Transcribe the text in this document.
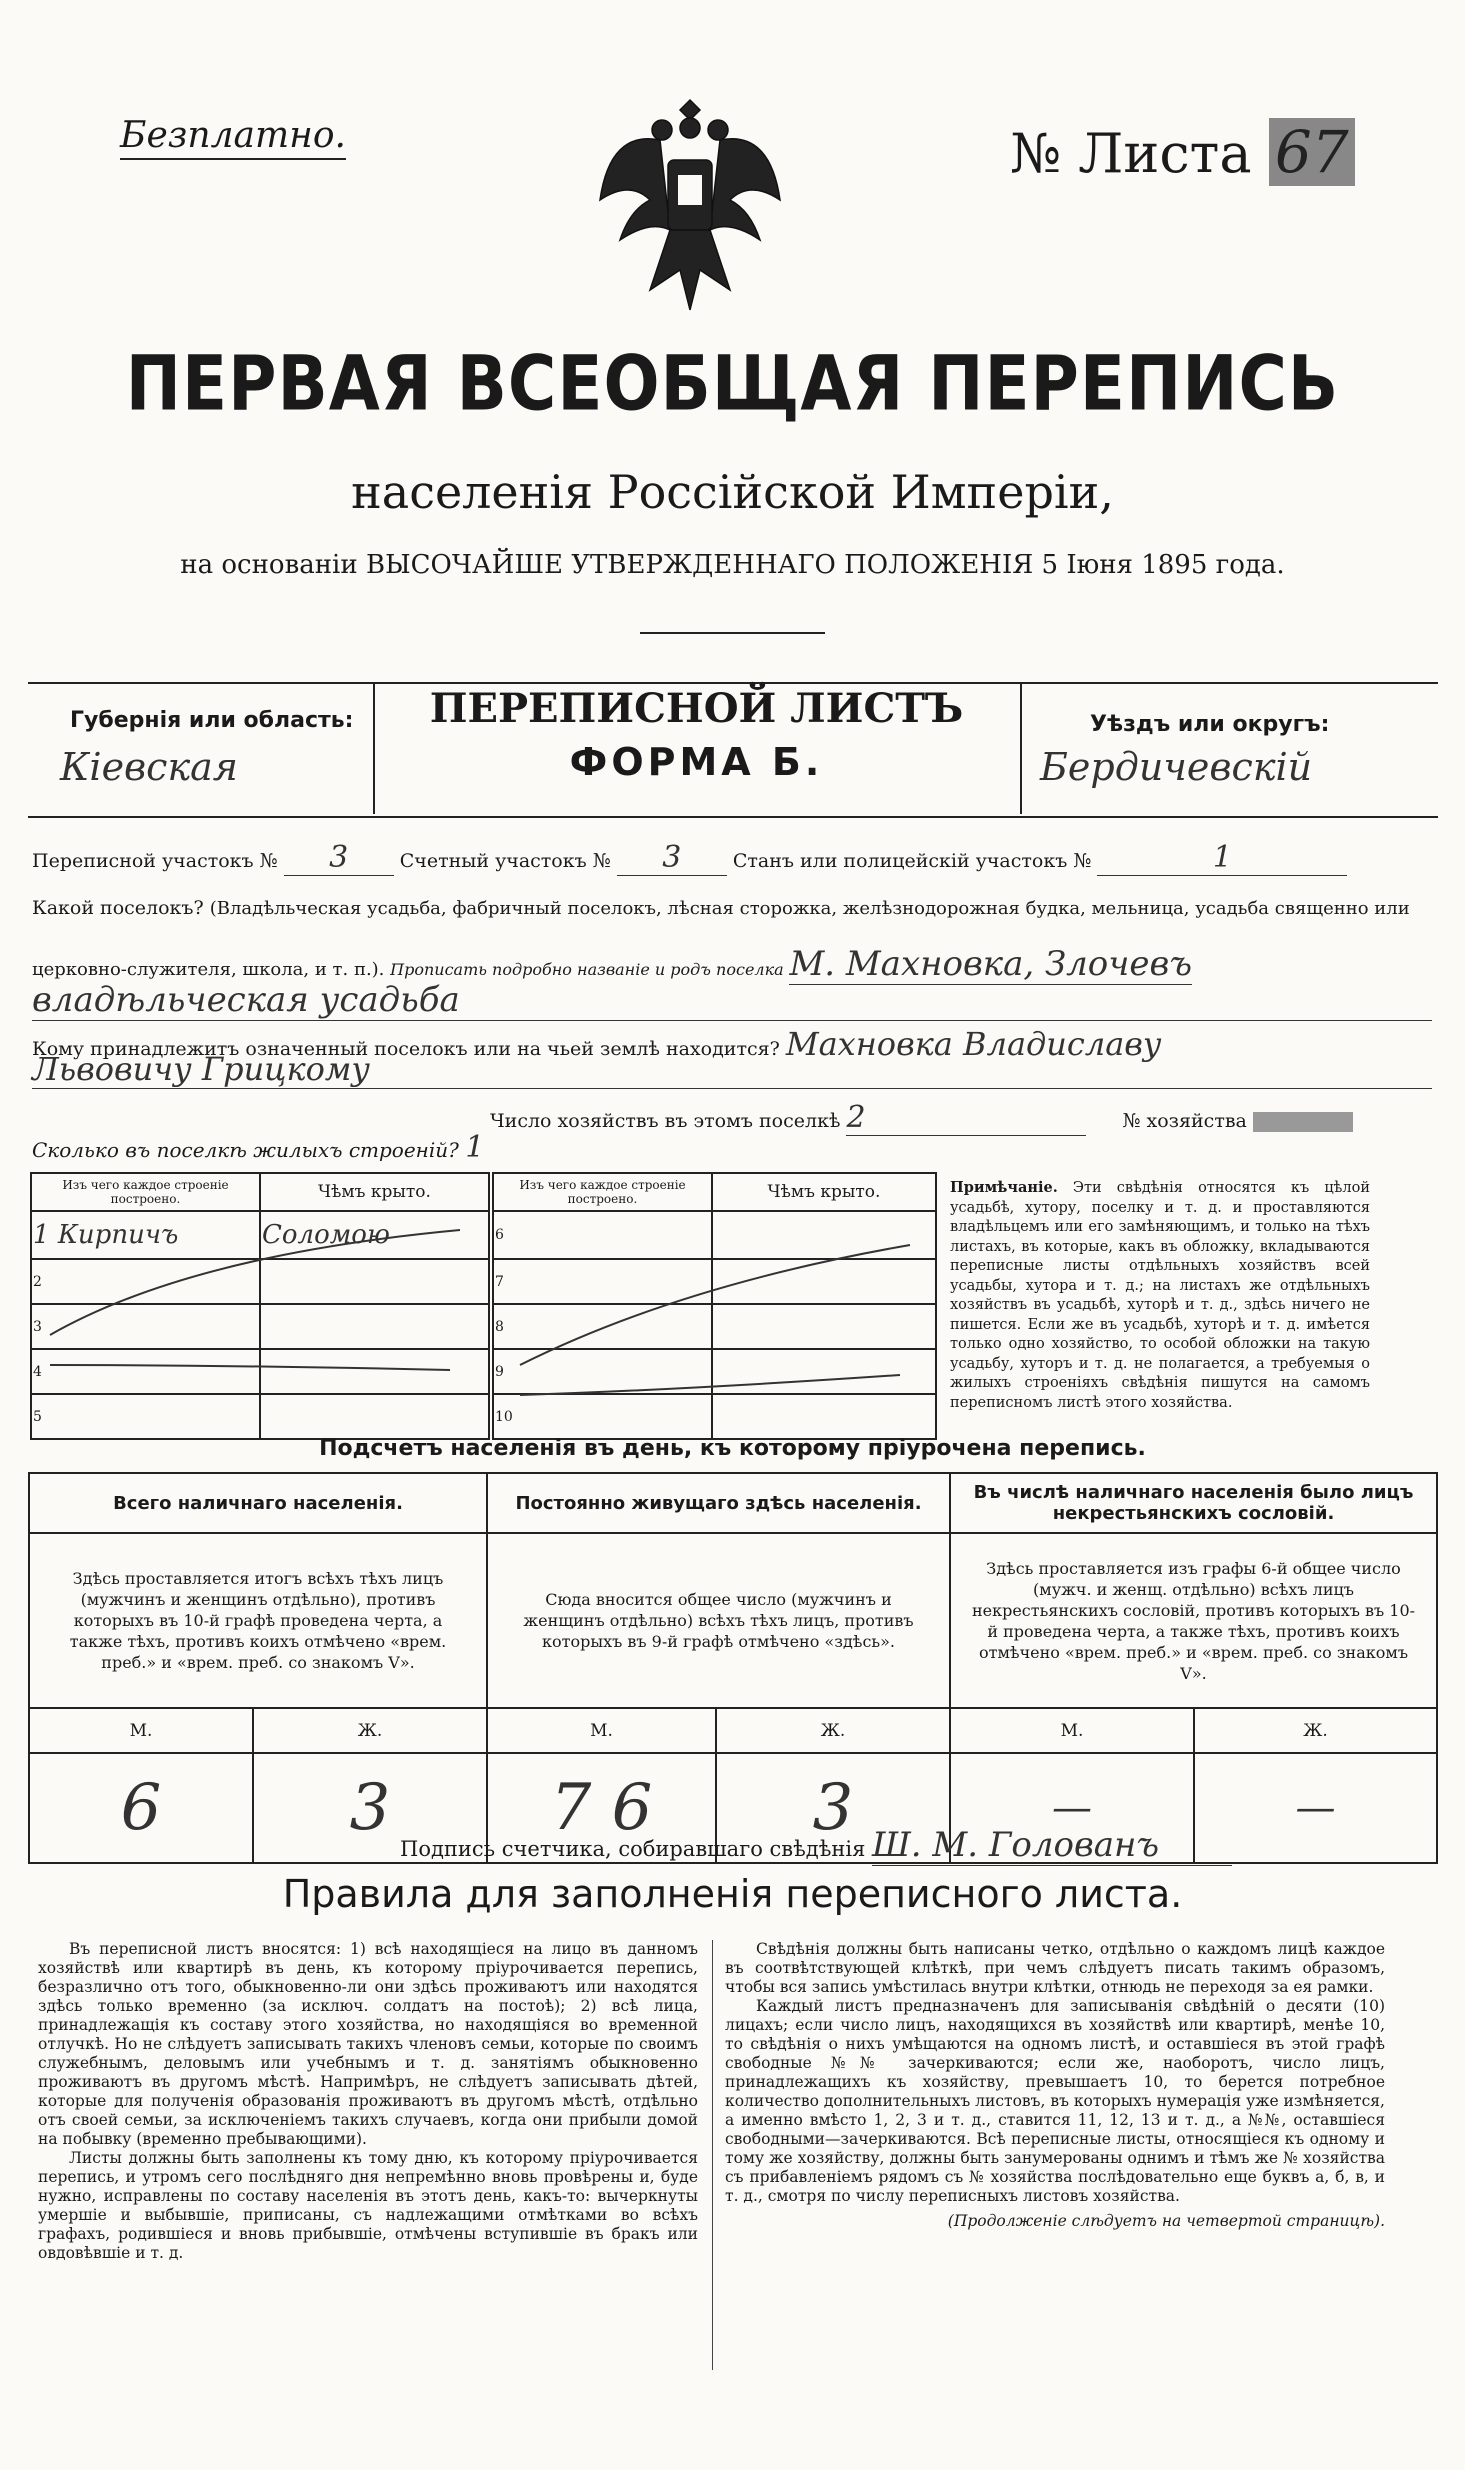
Безплатно.	№ Листа 67
ПЕРВАЯ ВСЕОБЩАЯ ПЕРЕПИСЬ
населенія Россійской Имперіи,
на основаніи ВЫСОЧАЙШЕ УТВЕРЖДЕННАГО ПОЛОЖЕНІЯ 5 Іюня 1895 года.
Губернія или область:
Кіевская
ПЕРЕПИСНОЙ ЛИСТЪ
ФОРМА Б.
Уѣздъ или округъ:
Бердичевскій
Переписной участокъ № 3	Счетный участокъ № 3	Станъ или полицейскій участокъ №	1
Какой поселокъ? (Владѣльческая усадьба, фабричный поселокъ, лѣсная сторожка, желѣзнодорожная будка, мельница, усадьба священно или
церковно-служителя, школа, и т. п.). Прописать подробно названіе и родъ поселка М. Махновка, Злочевъ
владѣльческая усадьба
Кому принадлежитъ означенный поселокъ или на чьей землѣ находится? Махновка Владиславу
Львовичу Грицкому
Число хозяйствъ въ этомъ поселкѣ 2	№ хозяйства
Сколько въ поселкѣ жилыхъ строеній? 1
Изъ чего каждое строеніе построено.	Чѣмъ крыто.
1 Кирпичъ	Соломою
2	
3	
4	
5	
Изъ чего каждое строеніе построено.	Чѣмъ крыто.
6	
7	
8	
9	
10	
Примѣчаніе. Эти свѣдѣнія относятся къ цѣлой усадьбѣ, хутору, поселку и т. д. и проставляются владѣльцемъ или его замѣняющимъ, и только на тѣхъ листахъ, въ которые, какъ въ обложку, вкладываются переписные листы отдѣльныхъ хозяйствъ всей усадьбы, хутора и т. д.; на листахъ же отдѣльныхъ хозяйствъ въ усадьбѣ, хуторѣ и т. д., здѣсь ничего не пишется. Если же въ усадьбѣ, хуторѣ и т. д. имѣется только одно хозяйство, то особой обложки на такую усадьбу, хуторъ и т. д. не полагается, а требуемыя о жилыхъ строеніяхъ свѣдѣнія пишутся на самомъ переписномъ листѣ этого хозяйства.
Подсчетъ населенія въ день, къ которому пріурочена перепись.
Всего наличнаго населенія.		Постоянно живущаго здѣсь населенія.		Въ числѣ наличнаго населенія было лицъ некрестьянскихъ сословій.	
Здѣсь проставляется итогъ всѣхъ тѣхъ лицъ (мужчинъ и женщинъ отдѣльно), противъ которыхъ въ 10-й графѣ проведена черта, а также тѣхъ, противъ коихъ отмѣчено «врем. преб.» и «врем. преб. со знакомъ V».		Сюда вносится общее число (мужчинъ и женщинъ отдѣльно) всѣхъ тѣхъ лицъ, противъ которыхъ въ 9-й графѣ отмѣчено «здѣсь».		Здѣсь проставляется изъ графы 6-й общее число (мужч. и женщ. отдѣльно) всѣхъ лицъ некрестьянскихъ сословій, противъ которыхъ въ 10-й проведена черта, а также тѣхъ, противъ коихъ отмѣчено «врем. преб.» и «врем. преб. со знакомъ V».	
М.	Ж.	М.	Ж.	М.	Ж.
6	3	7 6	3	—	—
Подпись счетчика, собиравшаго свѣдѣнія Ш. М. Голованъ
Правила для заполненія переписного листа.

Въ переписной листъ вносятся: 1) всѣ находящіеся на лицо въ данномъ хозяйствѣ или квартирѣ въ день, къ которому пріурочивается перепись, безразлично отъ того, обыкновенно-ли они здѣсь проживаютъ или находятся здѣсь только временно (за исключ. солдатъ на постоѣ); 2) всѣ лица, принадлежащія къ составу этого хозяйства, но находящіяся во временной отлучкѣ. Но не слѣдуетъ записывать такихъ членовъ семьи, которые по своимъ служебнымъ, деловымъ или учебнымъ и т. д. занятіямъ обыкновенно проживаютъ въ другомъ мѣстѣ. Напримѣръ, не слѣдуетъ записывать дѣтей, которые для полученія образованія проживаютъ въ другомъ мѣстѣ, отдѣльно отъ своей семьи, за исключеніемъ такихъ случаевъ, когда они прибыли домой на побывку (временно пребывающими).

Листы должны быть заполнены къ тому дню, къ которому пріурочивается перепись, и утромъ сего послѣдняго дня непремѣнно вновь провѣрены и, буде нужно, исправлены по составу населенія въ этотъ день, какъ-то: вычеркнуты умершіе и выбывшіе, приписаны, съ надлежащими отмѣтками во всѣхъ графахъ, родившіеся и вновь прибывшіе, отмѣчены вступившіе въ бракъ или овдовѣвшіе и т. д.

Свѣдѣнія должны быть написаны четко, отдѣльно о каждомъ лицѣ каждое въ соотвѣтствующей клѣткѣ, при чемъ слѣдуетъ писать такимъ образомъ, чтобы вся запись умѣстилась внутри клѣтки, отнюдь не переходя за ея рамки.

Каждый листъ предназначенъ для записыванія свѣдѣній о десяти (10) лицахъ; если число лицъ, находящихся въ хозяйствѣ или квартирѣ, менѣе 10, то свѣдѣнія о нихъ умѣщаются на одномъ листѣ, и оставшіеся въ этой графѣ свободные №№ зачеркиваются; если же, наоборотъ, число лицъ, принадлежащихъ къ хозяйству, превышаетъ 10, то берется потребное количество дополнительныхъ листовъ, въ которыхъ нумерація уже измѣняется, а именно вмѣсто 1, 2, 3 и т. д., ставится 11, 12, 13 и т. д., а №№, оставшіеся свободными—зачеркиваются. Всѣ переписные листы, относящіеся къ одному и тому же хозяйству, должны быть занумерованы однимъ и тѣмъ же № хозяйства съ прибавленіемъ рядомъ съ № хозяйства послѣдовательно еще буквъ а, б, в, и т. д., смотря по числу переписныхъ листовъ хозяйства.

(Продолженіе слѣдуетъ на четвертой страницѣ).
